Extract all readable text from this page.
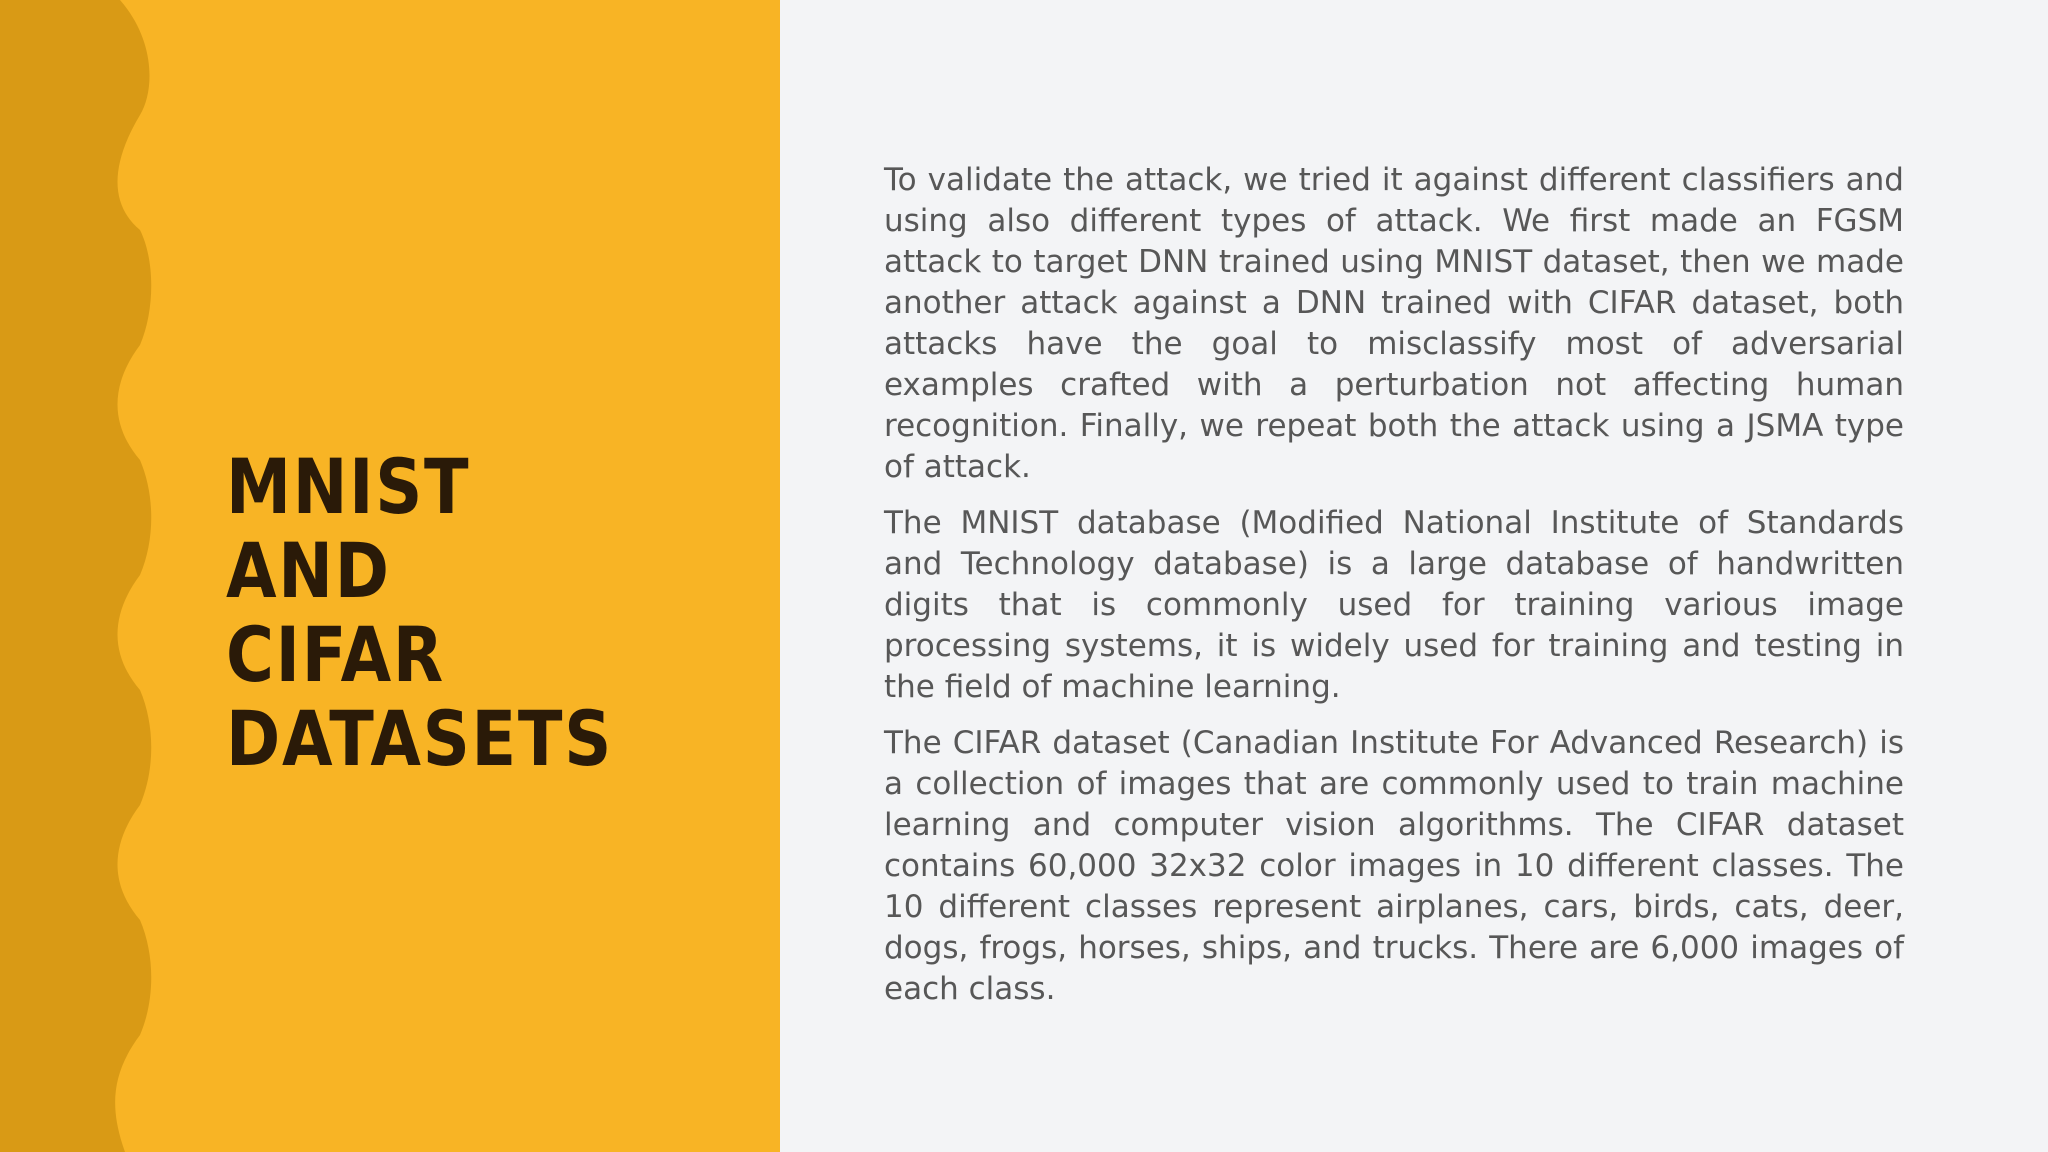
MNIST AND CIFAR DATASETS

To validate the attack, we tried it against different classifiers and using also different types of attack. We first made an FGSM attack to target DNN trained using MNIST dataset, then we made another attack against a DNN trained with CIFAR dataset, both attacks have the goal to misclassify most of adversarial examples crafted with a perturbation not affecting human recognition. Finally, we repeat both the attack using a JSMA type of attack.

The MNIST database (Modified National Institute of Standards and Technology database) is a large database of handwritten digits that is commonly used for training various image processing systems, it is widely used for training and testing in the field of machine learning.

The CIFAR dataset (Canadian Institute For Advanced Research) is a collection of images that are commonly used to train machine learning and computer vision algorithms. The CIFAR dataset contains 60,000 32x32 color images in 10 different classes. The 10 different classes represent airplanes, cars, birds, cats, deer, dogs, frogs, horses, ships, and trucks. There are 6,000 images of each class.
